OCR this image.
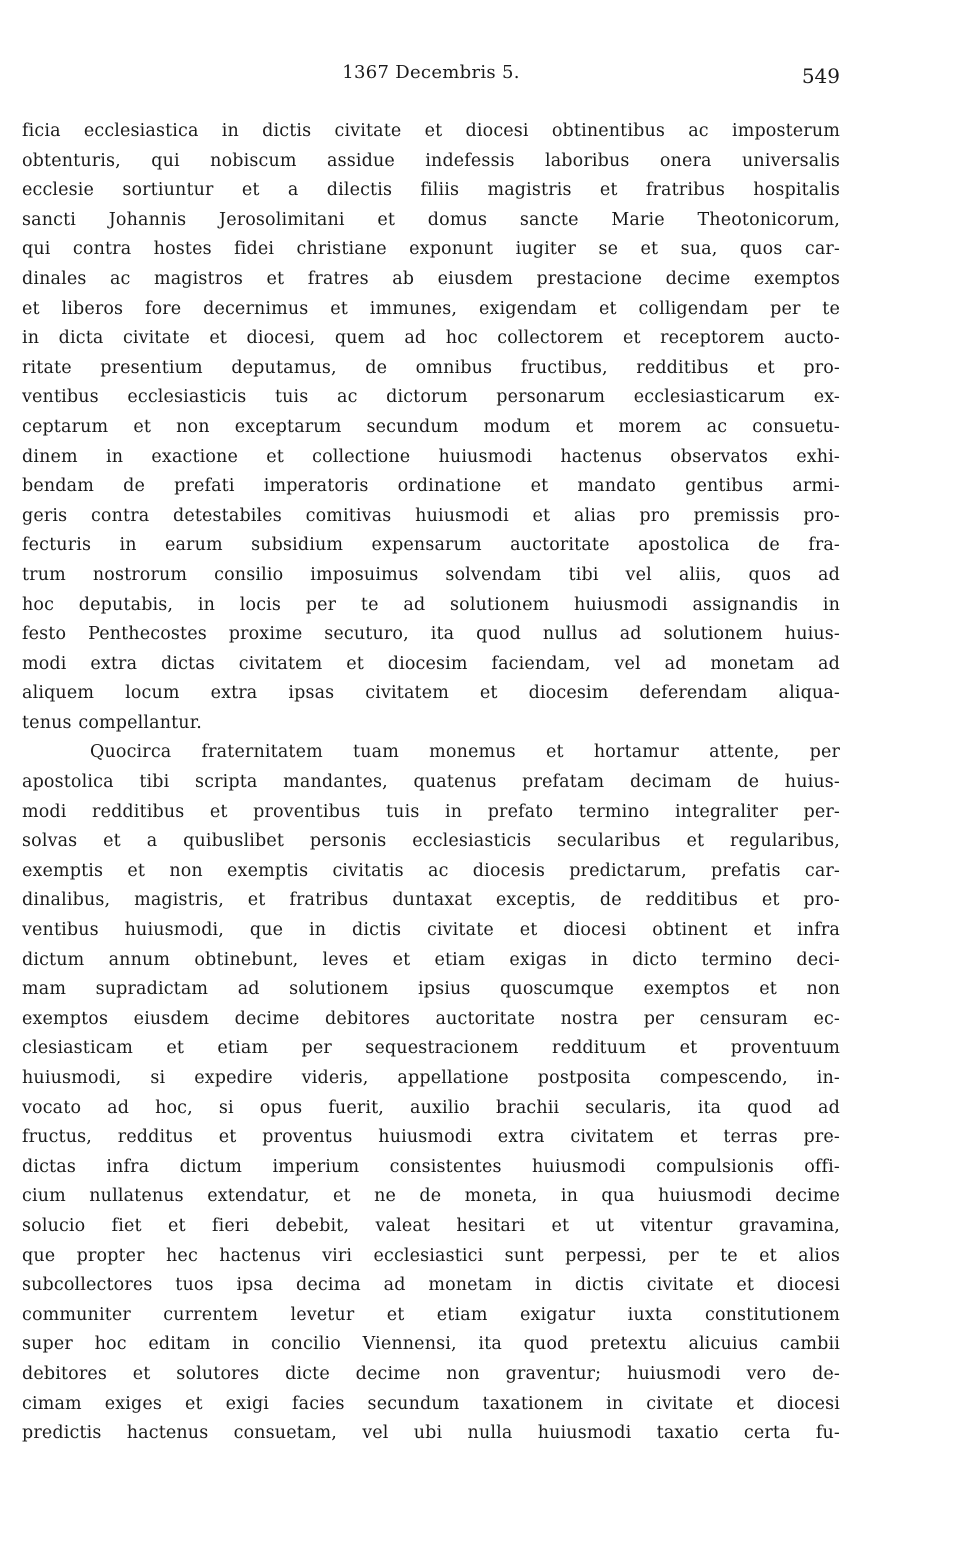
1367 Decembris 5.	549
ficia ecclesiastica in dictis civitate et diocesi obtinentibus ac imposterum
obtenturis, qui nobiscum assidue indefessis laboribus onera universalis
ecclesie sortiuntur et a dilectis filiis magistris et fratribus hospitalis
sancti Johannis Jerosolimitani et domus sancte Marie Theotonicorum,
qui contra hostes fidei christiane exponunt iugiter se et sua, quos car-
dinales ac magistros et fratres ab eiusdem prestacione decime exemptos
et liberos fore decernimus et immunes, exigendam et colligendam per te
in dicta civitate et diocesi, quem ad hoc collectorem et receptorem aucto-
ritate presentium deputamus, de omnibus fructibus, redditibus et pro-
ventibus ecclesiasticis tuis ac dictorum personarum ecclesiasticarum ex-
ceptarum et non exceptarum secundum modum et morem ac consuetu-
dinem in exactione et collectione huiusmodi hactenus observatos exhi-
bendam de prefati imperatoris ordinatione et mandato gentibus armi-
geris contra detestabiles comitivas huiusmodi et alias pro premissis pro-
fecturis in earum subsidium expensarum auctoritate apostolica de fra-
trum nostrorum consilio imposuimus solvendam tibi vel aliis, quos ad
hoc deputabis, in locis per te ad solutionem huiusmodi assignandis in
festo Penthecostes proxime secuturo, ita quod nullus ad solutionem huius-
modi extra dictas civitatem et diocesim faciendam, vel ad monetam ad
aliquem locum extra ipsas civitatem et diocesim deferendam aliqua-
tenus compellantur.
Quocirca fraternitatem tuam monemus et hortamur attente, per
apostolica tibi scripta mandantes, quatenus prefatam decimam de huius-
modi redditibus et proventibus tuis in prefato termino integraliter per-
solvas et a quibuslibet personis ecclesiasticis secularibus et regularibus,
exemptis et non exemptis civitatis ac diocesis predictarum, prefatis car-
dinalibus, magistris, et fratribus duntaxat exceptis, de redditibus et pro-
ventibus huiusmodi, que in dictis civitate et diocesi obtinent et infra
dictum annum obtinebunt, leves et etiam exigas in dicto termino deci-
mam supradictam ad solutionem ipsius quoscumque exemptos et non
exemptos eiusdem decime debitores auctoritate nostra per censuram ec-
clesiasticam et etiam per sequestracionem reddituum et proventuum
huiusmodi, si expedire videris, appellatione postposita compescendo, in-
vocato ad hoc, si opus fuerit, auxilio brachii secularis, ita quod ad
fructus, redditus et proventus huiusmodi extra civitatem et terras pre-
dictas infra dictum imperium consistentes huiusmodi compulsionis offi-
cium nullatenus extendatur, et ne de moneta, in qua huiusmodi decime
solucio fiet et fieri debebit, valeat hesitari et ut vitentur gravamina,
que propter hec hactenus viri ecclesiastici sunt perpessi, per te et alios
subcollectores tuos ipsa decima ad monetam in dictis civitate et diocesi
communiter currentem levetur et etiam exigatur iuxta constitutionem
super hoc editam in concilio Viennensi, ita quod pretextu alicuius cambii
debitores et solutores dicte decime non graventur; huiusmodi vero de-
cimam exiges et exigi facies secundum taxationem in civitate et diocesi
predictis hactenus consuetam, vel ubi nulla huiusmodi taxatio certa fu-
